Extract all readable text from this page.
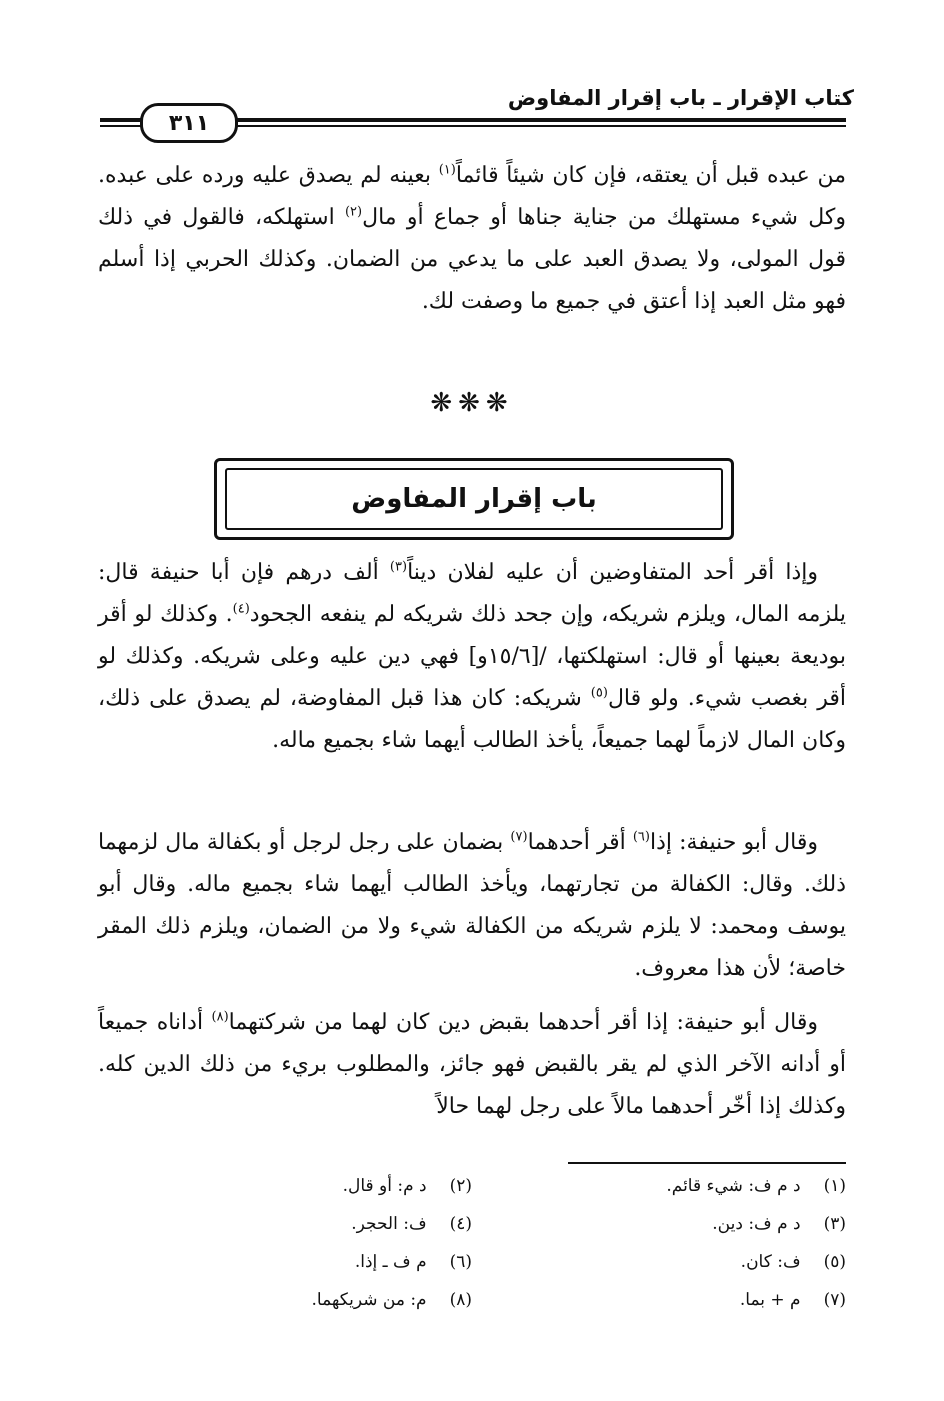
كتاب الإقرار ـ باب إقرار المفاوض
٣١١

من عبده قبل أن يعتقه، فإن كان شيئاً قائماً$^{(١)}$ بعينه لم يصدق عليه ورده على عبده. وكل شيء مستهلك من جناية جناها أو جماع أو مال$^{(٢)}$ استهلكه، فالقول في ذلك قول المولى، ولا يصدق العبد على ما يدعي من الضمان. وكذلك الحربي إذا أسلم فهو مثل العبد إذا أعتق في جميع ما وصفت لك.

❋❋❋
باب إقرار المفاوض

وإذا أقر أحد المتفاوضين أن عليه لفلان ديناً$^{(٣)}$ ألف درهم فإن أبا حنيفة قال: يلزمه المال، ويلزم شريكه، وإن جحد ذلك شريكه لم ينفعه الجحود$^{(٤)}$. وكذلك لو أقر بوديعة بعينها أو قال: استهلكتها، /[١٥/٦و] فهي دين عليه وعلى شريكه. وكذلك لو أقر بغصب شيء. ولو قال$^{(٥)}$ شريكه: كان هذا قبل المفاوضة، لم يصدق على ذلك، وكان المال لازماً لهما جميعاً، يأخذ الطالب أيهما شاء بجميع ماله.

وقال أبو حنيفة: إذا$^{(٦)}$ أقر أحدهما$^{(٧)}$ بضمان على رجل لرجل أو بكفالة مال لزمهما ذلك. وقال: الكفالة من تجارتهما، ويأخذ الطالب أيهما شاء بجميع ماله. وقال أبو يوسف ومحمد: لا يلزم شريكه من الكفالة شيء ولا من الضمان، ويلزم ذلك المقر خاصة؛ لأن هذا معروف.

وقال أبو حنيفة: إذا أقر أحدهما بقبض دين كان لهما من شركتهما$^{(٨)}$ أداناه جميعاً أو أدانه الآخر الذي لم يقر بالقبض فهو جائز، والمطلوب بريء من ذلك الدين كله. وكذلك إذا أخّر أحدهما مالاً على رجل لهما حالاً

(١) د م ف: شيء قائم.
(٢) د م: أو قال.
(٣) د م ف: دين.
(٤) ف: الحجر.
(٥) ف: كان.
(٦) م ف ـ إذا.
(٧) م + بما.
(٨) م: من شريكهما.
